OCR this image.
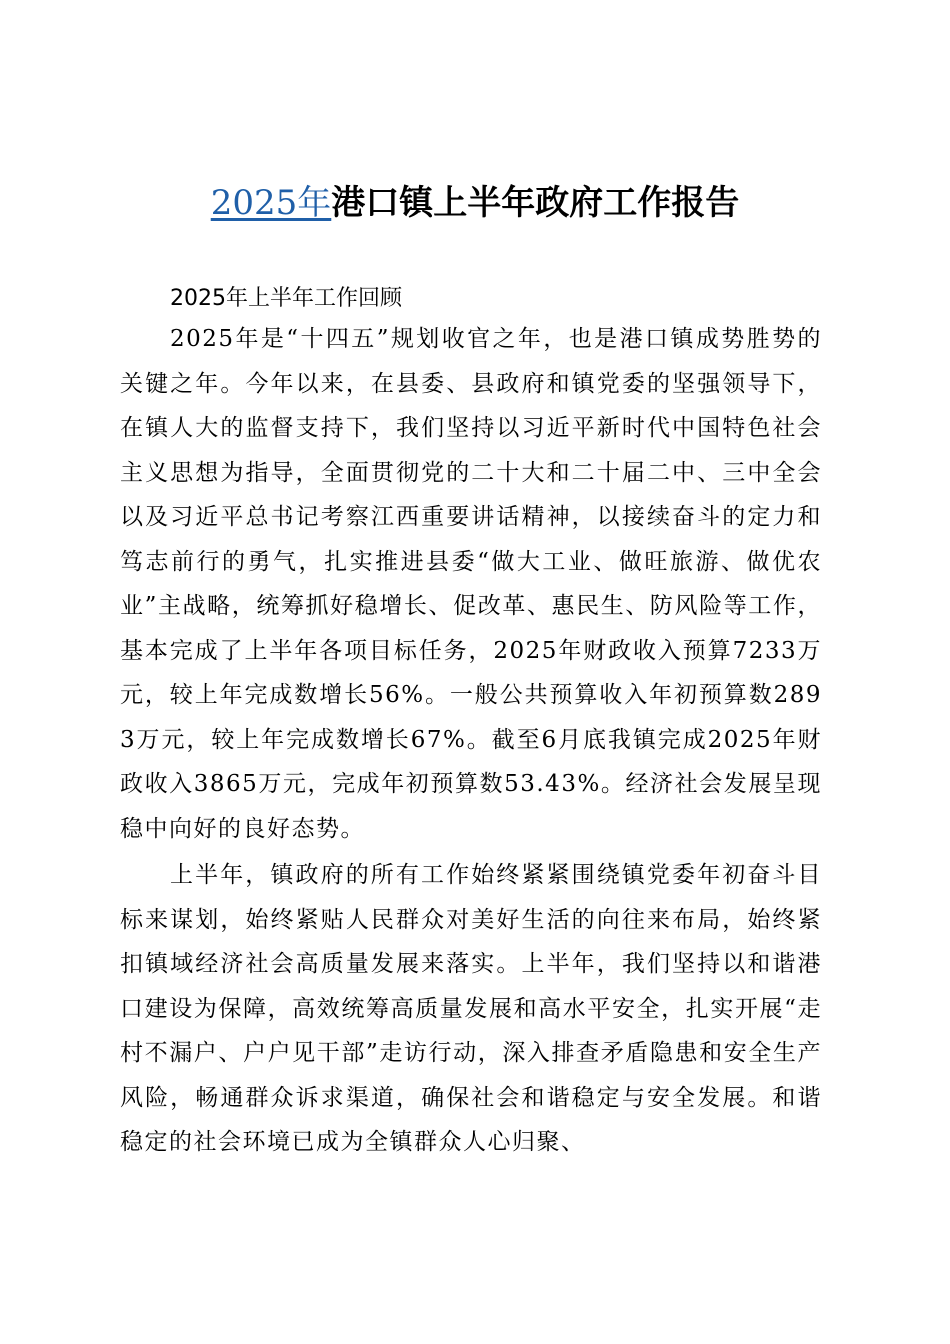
2025年港口镇上半年政府工作报告
2025年上半年工作回顾

2025年是“十四五”规划收官之年，也是港口镇成势胜势的关键之年。今年以来，在县委、县政府和镇党委的坚强领导下，在镇人大的监督支持下，我们坚持以习近平新时代中国特色社会主义思想为指导，全面贯彻党的二十大和二十届二中、三中全会以及习近平总书记考察江西重要讲话精神，以接续奋斗的定力和笃志前行的勇气，扎实推进县委“做大工业、做旺旅游、做优农业”主战略，统筹抓好稳增长、促改革、惠民生、防风险等工作，基本完成了上半年各项目标任务，2025年财政收入预算7233万元，较上年完成数增长56%。一般公共预算收入年初预算数2893万元，较上年完成数增长67%。截至6月底我镇完成2025年财政收入3865万元，完成年初预算数53.43%。经济社会发展呈现稳中向好的良好态势。

上半年，镇政府的所有工作始终紧紧围绕镇党委年初奋斗目标来谋划，始终紧贴人民群众对美好生活的向往来布局，始终紧扣镇域经济社会高质量发展来落实。上半年，我们坚持以和谐港口建设为保障，高效统筹高质量发展和高水平安全，扎实开展“走村不漏户、户户见干部”走访行动，深入排查矛盾隐患和安全生产风险，畅通群众诉求渠道，确保社会和谐稳定与安全发展。和谐稳定的社会环境已成为全镇群众人心归聚、
